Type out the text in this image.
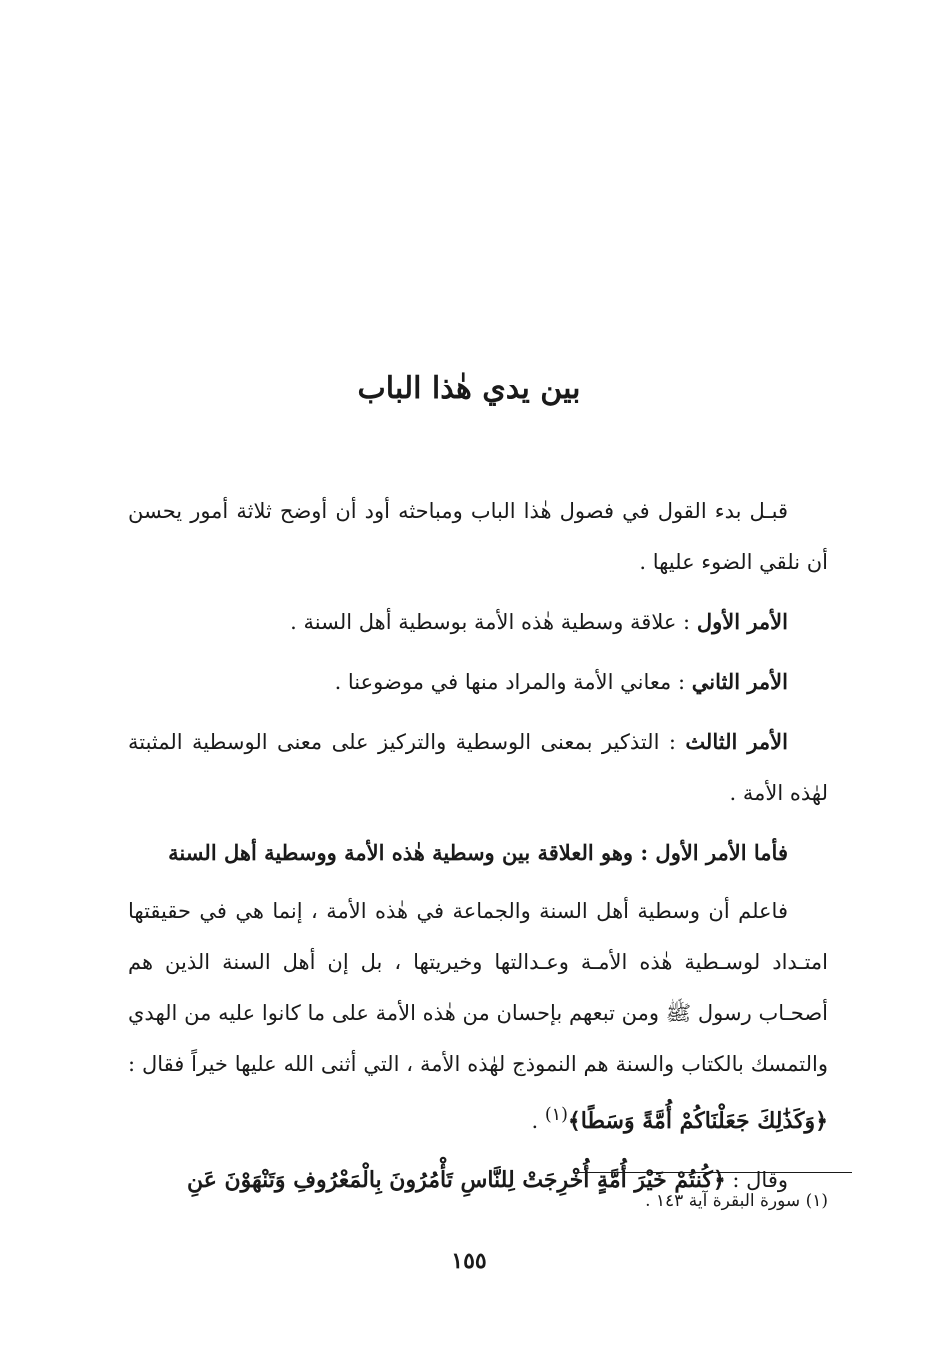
بين يدي هٰذا الباب

قبـل بدء القول في فصول هٰذا الباب ومباحثه أود أن أوضح ثلاثة أمور يحسن أن نلقي الضوء عليها .

الأمر الأول : علاقة وسطية هٰذه الأمة بوسطية أهل السنة .

الأمر الثاني : معاني الأمة والمراد منها في موضوعنا .

الأمر الثالث : التذكير بمعنى الوسطية والتركيز على معنى الوسطية المثبتة لهٰذه الأمة .

فأما الأمر الأول : وهو العلاقة بين وسطية هٰذه الأمة ووسطية أهل السنة

فاعلم أن وسطية أهل السنة والجماعة في هٰذه الأمة ، إنما هي في حقيقتها امتـداد لوسـطية هٰذه الأمـة وعـدالتها وخيريتها ، بل إن أهل السنة الذين هم أصحـاب رسول ﷺ ومن تبعهم بإحسان من هٰذه الأمة على ما كانوا عليه من الهدي والتمسك بالكتاب والسنة هم النموذج لهٰذه الأمة ، التي أثنى الله عليها خيراً فقال : ﴿وَكَذَٰلِكَ جَعَلْنَاكُمْ أُمَّةً وَسَطًا﴾$^{(١)}$ .

وقال : ﴿كُنتُمْ خَيْرَ أُمَّةٍ أُخْرِجَتْ لِلنَّاسِ تَأْمُرُونَ بِالْمَعْرُوفِ وَتَنْهَوْنَ عَنِ

(١) سورة البقرة آية ١٤٣ .

١٥٥
